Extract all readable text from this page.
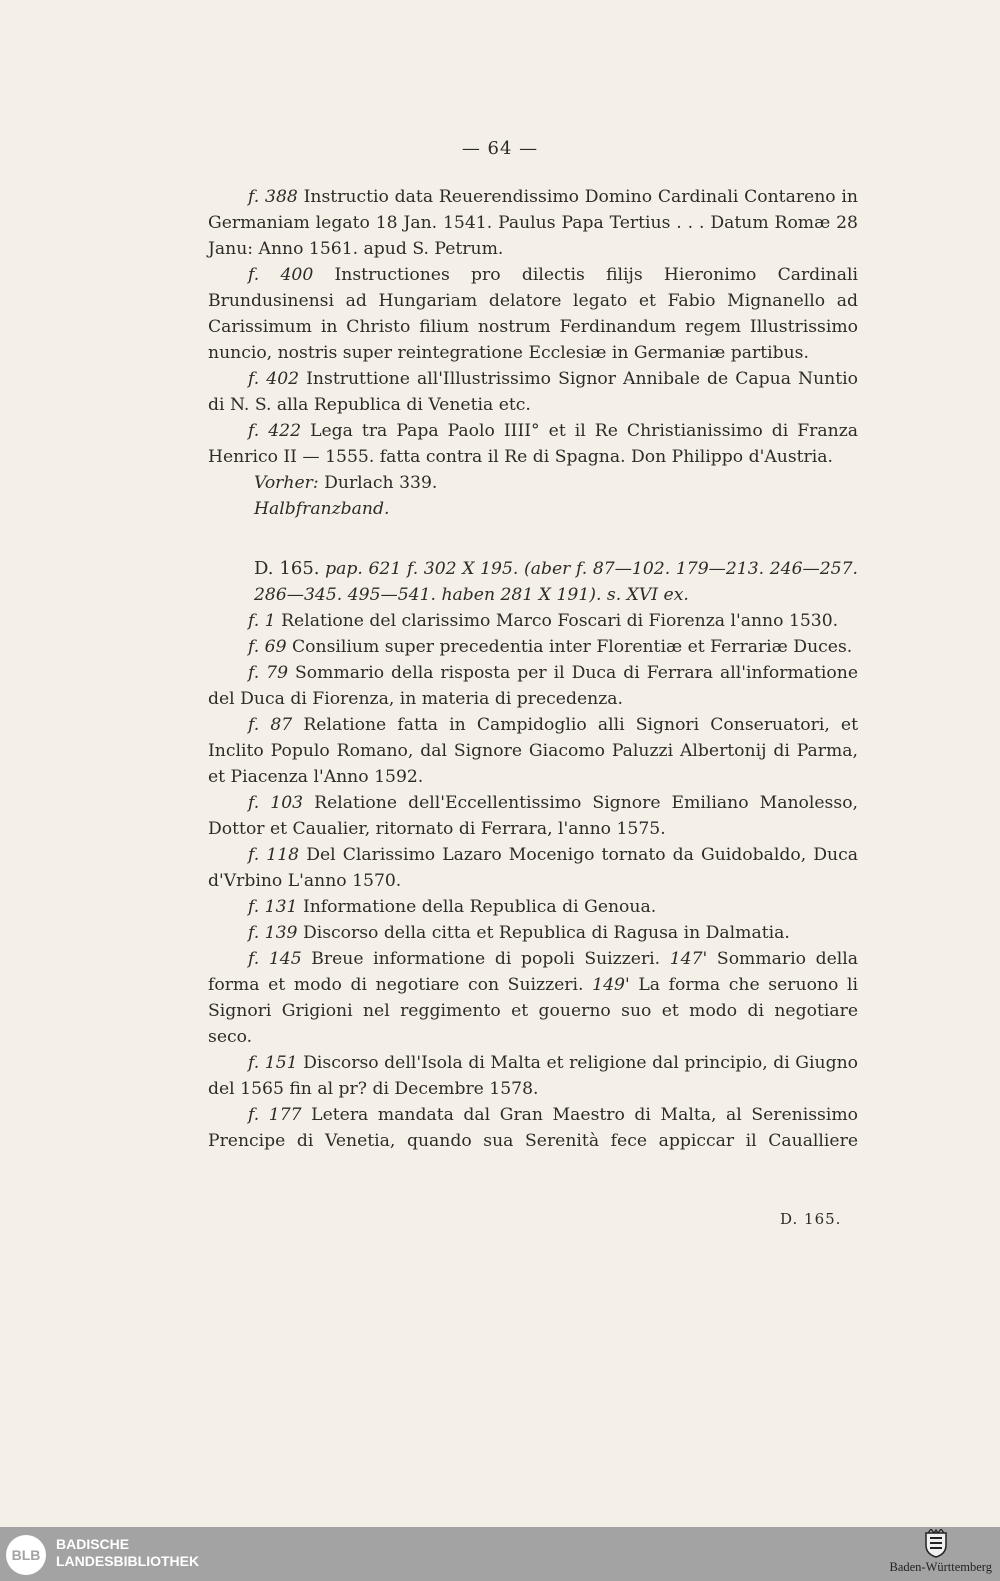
— 64 —

f. 388 Instructio data Reuerendissimo Domino Cardinali Contareno in Germaniam legato 18 Jan. 1541. Paulus Papa Tertius . . . Datum Romæ 28 Janu: Anno 1561. apud S. Petrum.

f. 400 Instructiones pro dilectis filijs Hieronimo Cardinali Brundusinensi ad Hungariam delatore legato et Fabio Mignanello ad Carissimum in Christo filium nostrum Ferdinandum regem Illustrissimo nuncio, nostris super reintegratione Ecclesiæ in Germaniæ partibus.

f. 402 Instruttione all'Illustrissimo Signor Annibale de Capua Nuntio di N. S. alla Republica di Venetia etc.

f. 422 Lega tra Papa Paolo IIII° et il Re Christianissimo di Franza Henrico II — 1555. fatta contra il Re di Spagna. Don Philippo d'Austria.

Vorher: Durlach 339.

Halbfranzband.

D. 165. pap. 621 f. 302 X 195. (aber f. 87—102. 179—213. 246—257. 286—345. 495—541. haben 281 X 191). s. XVI ex.

f. 1 Relatione del clarissimo Marco Foscari di Fiorenza l'anno 1530.

f. 69 Consilium super precedentia inter Florentiæ et Ferrariæ Duces.

f. 79 Sommario della risposta per il Duca di Ferrara all'informatione del Duca di Fiorenza, in materia di precedenza.

f. 87 Relatione fatta in Campidoglio alli Signori Conseruatori, et Inclito Populo Romano, dal Signore Giacomo Paluzzi Albertonij di Parma, et Piacenza l'Anno 1592.

f. 103 Relatione dell'Eccellentissimo Signore Emiliano Manolesso, Dottor et Caualier, ritornato di Ferrara, l'anno 1575.

f. 118 Del Clarissimo Lazaro Mocenigo tornato da Guidobaldo, Duca d'Vrbino L'anno 1570.

f. 131 Informatione della Republica di Genoua.

f. 139 Discorso della citta et Republica di Ragusa in Dalmatia.

f. 145 Breue informatione di popoli Suizzeri. 147' Sommario della forma et modo di negotiare con Suizzeri. 149' La forma che seruono li Signori Grigioni nel reggimento et gouerno suo et modo di negotiare seco.

f. 151 Discorso dell'Isola di Malta et religione dal principio, di Giugno del 1565 fin al pr? di Decembre 1578.

f. 177 Letera mandata dal Gran Maestro di Malta, al Serenissimo Prencipe di Venetia, quando sua Serenità fece appiccar il Caualliere

D. 165.
BLB
BADISCHE
LANDESBIBLIOTHEK	Baden-Württemberg
